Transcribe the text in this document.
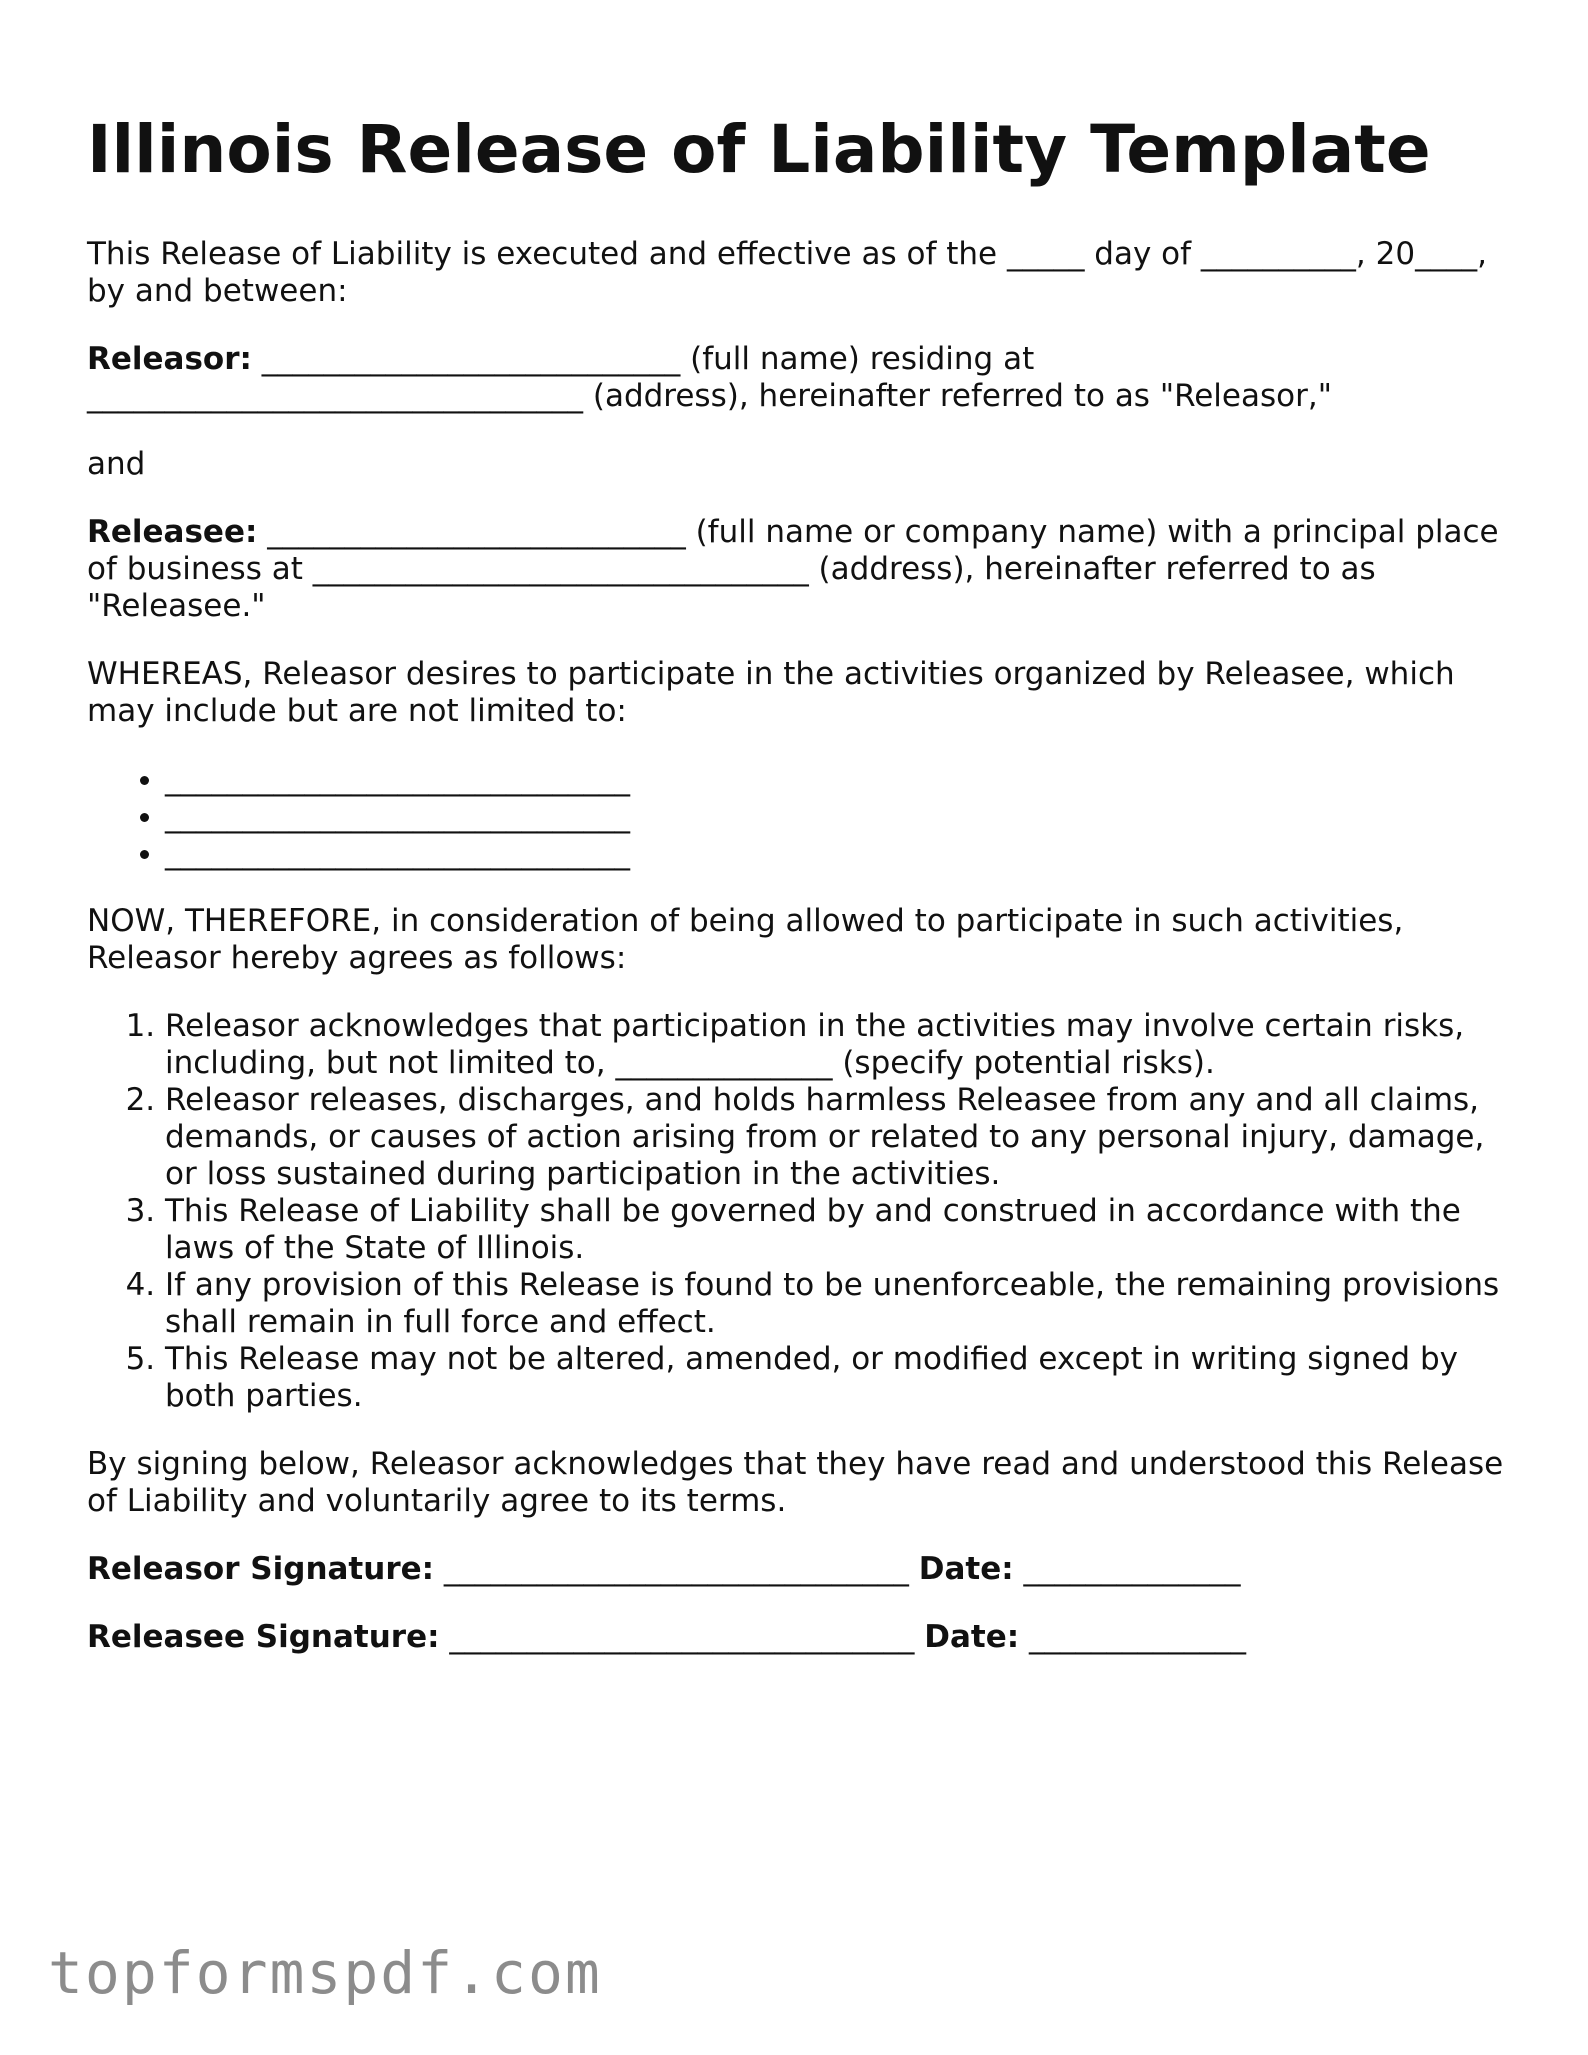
Illinois Release of Liability Template

This Release of Liability is executed and effective as of the _____ day of __________, 20____, by and between:

Releasor: ___________________________ (full name) residing at ________________________________ (address), hereinafter referred to as "Releasor,"

and

Releasee: ___________________________ (full name or company name) with a principal place of business at ________________________________ (address), hereinafter referred to as "Releasee."

WHEREAS, Releasor desires to participate in the activities organized by Releasee, which may include but are not limited to:

• ______________________________
• ______________________________
• ______________________________

NOW, THEREFORE, in consideration of being allowed to participate in such activities, Releasor hereby agrees as follows:

1. Releasor acknowledges that participation in the activities may involve certain risks, including, but not limited to, ______________ (specify potential risks).
2. Releasor releases, discharges, and holds harmless Releasee from any and all claims, demands, or causes of action arising from or related to any personal injury, damage, or loss sustained during participation in the activities.
3. This Release of Liability shall be governed by and construed in accordance with the laws of the State of Illinois.
4. If any provision of this Release is found to be unenforceable, the remaining provisions shall remain in full force and effect.
5. This Release may not be altered, amended, or modified except in writing signed by both parties.

By signing below, Releasor acknowledges that they have read and understood this Release of Liability and voluntarily agree to its terms.

Releasor Signature: ______________________________ Date: ______________

Releasee Signature: ______________________________ Date: ______________

topformspdf.com
